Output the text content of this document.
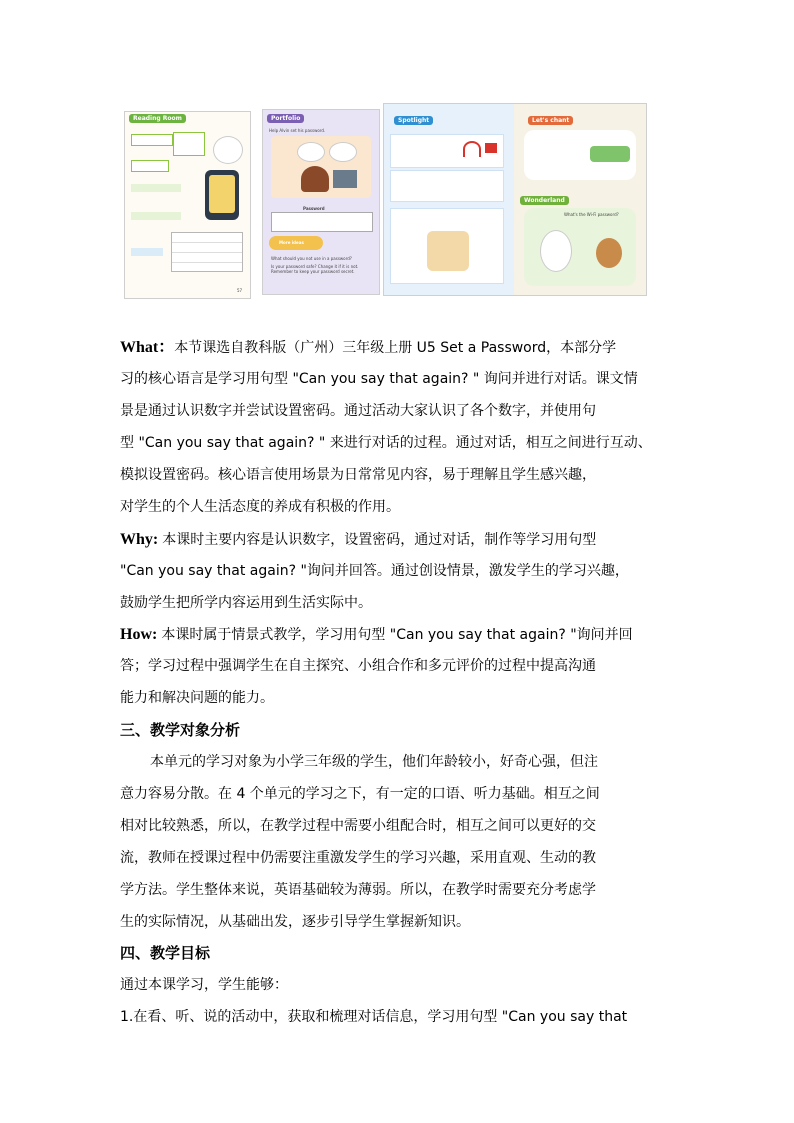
Reading Room
57
Portfolio
Help Alvin set his password.
Password
More ideas
What should you not use in a password?
Is your password safe? Change it if it is not. Remember to keep your password secret.
Spotlight	Let's chant
Wonderland
What's the Wi-Fi password?
What：本节课选自教科版（广州）三年级上册 U5 Set a Password，本部分学
习的核心语言是学习用句型 "Can you say that again? " 询问并进行对话。课文情
景是通过认识数字并尝试设置密码。通过活动大家认识了各个数字，并使用句
型 "Can you say that again? " 来进行对话的过程。通过对话，相互之间进行互动、
模拟设置密码。核心语言使用场景为日常常见内容，易于理解且学生感兴趣，
对学生的个人生活态度的养成有积极的作用。
Why: 本课时主要内容是认识数字，设置密码，通过对话，制作等学习用句型
"Can you say that again? "询问并回答。通过创设情景，激发学生的学习兴趣，
鼓励学生把所学内容运用到生活实际中。
How: 本课时属于情景式教学，学习用句型 "Can you say that again? "询问并回
答；学习过程中强调学生在自主探究、小组合作和多元评价的过程中提高沟通
能力和解决问题的能力。
三、教学对象分析
本单元的学习对象为小学三年级的学生，他们年龄较小，好奇心强，但注
意力容易分散。在 4 个单元的学习之下，有一定的口语、听力基础。相互之间
相对比较熟悉，所以，在教学过程中需要小组配合时，相互之间可以更好的交
流，教师在授课过程中仍需要注重激发学生的学习兴趣，采用直观、生动的教
学方法。学生整体来说，英语基础较为薄弱。所以，在教学时需要充分考虑学
生的实际情况，从基础出发，逐步引导学生掌握新知识。
四、教学目标
通过本课学习，学生能够：
1.在看、听、说的活动中，获取和梳理对话信息，学习用句型 "Can you say that
